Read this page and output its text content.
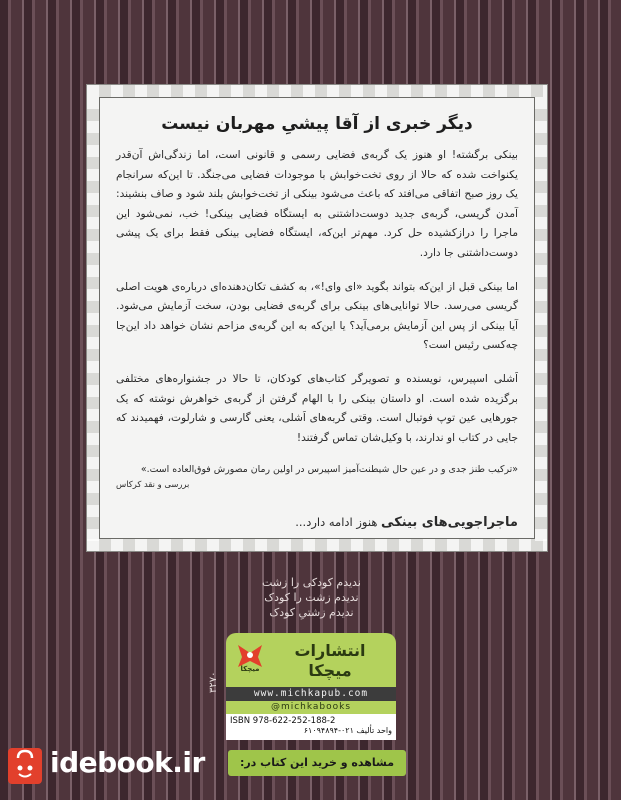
دیگر خبری از آقا پیشیِ مهربان نیست

بینکی برگشته! او هنوز یک گربه‌ی فضایی رسمی و قانونی است، اما زندگی‌اش آن‌قدر یکنواخت شده که حالا از روی تخت‌خوابش با موجودات فضایی می‌جنگد. تا این‌که سرانجام یک روز صبح اتفاقی می‌افتد که باعث می‌شود بینکی از تخت‌خوابش بلند شود و صاف بنشیند: آمدن گریسی، گربه‌ی جدید دوست‌داشتنی به ایستگاه فضایی بینکی! خب، نمی‌شود این ماجرا را دراز‌کشیده حل کرد. مهم‌تر این‌که، ایستگاه فضایی بینکی فقط برای یک پیشی دوست‌داشتنی جا دارد.

اما بینکی قبل از این‌که بتواند بگوید «ای وای!»، به کشف تکان‌دهنده‌ای درباره‌ی هویت اصلی گریسی می‌رسد. حالا توانایی‌های بینکی برای گربه‌ی فضایی بودن، سخت آزمایش می‌شود. آیا بینکی از پس این آزمایش برمی‌آید؟ یا این‌که به این گربه‌ی مزاحم نشان خواهد داد این‌جا چه‌کسی رئیس است؟

اَشلی اسپیرس، نویسنده و تصویرگر کتاب‌های کودکان، تا حالا در جشنواره‌های مختلفی برگزیده شده است. او داستان بینکی را با الهام گرفتن از گربه‌ی خواهرش نوشته که یک جورهایی عین توپ فوتبال است. وقتی گربه‌های اَشلی، یعنی گارسی و شارلوت، فهمیدند که جایی در کتاب او ندارند، با وکیل‌شان تماس گرفتند!

«ترکیب طنز جدی و در عین حال شیطنت‌آمیز اسپیرس در اولین رمان مصورش فوق‌العاده است.»
بررسی و نقد کرکاس
ماجراجویی‌های بینکی هنوز ادامه دارد...
ندیدم کودکی را زشت
ندیدم زشت را کودک
ندیدم زشتیِ کودک
۳۲۷۰
میچکا
انتشارات
میچکا
www.michkapub.com
@michkabooks
ISBN 978-622-252-188-2
واحد تألیف ۰۲۱-۶۱۰۹۴۸۹۴
idebook.ir	مشاهده و خرید این کتاب در:
